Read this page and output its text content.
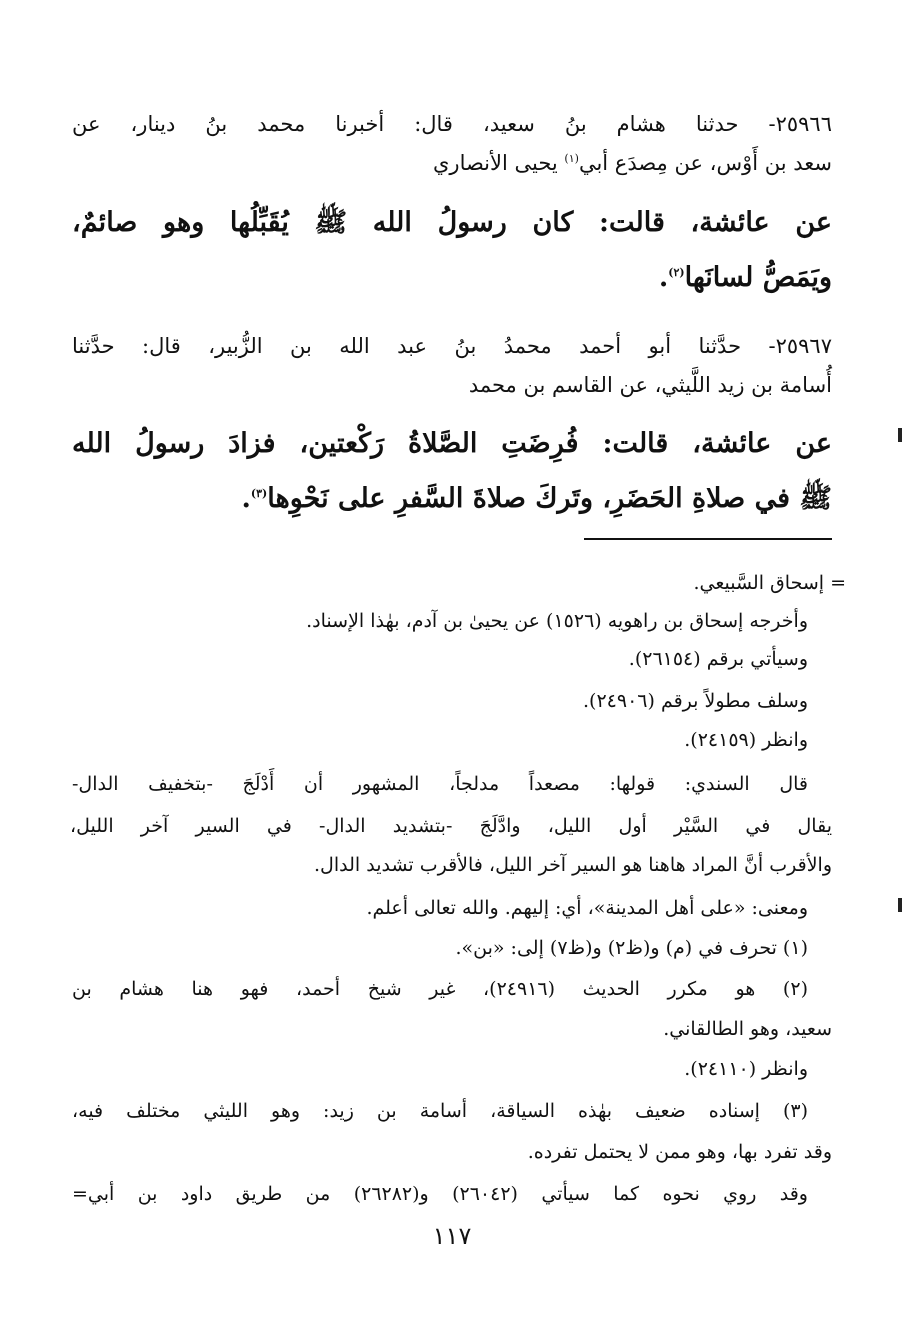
٢٥٩٦٦- حدثنا هشام بنُ سعيد، قال: أخبرنا محمد بنُ دينار، عن

سعد بن أَوْس، عن مِصدَع أبي$^{(١)}$ يحيى الأنصاري

عن عائشة، قالت: كان رسولُ الله ﷺ يُقَبِّلُها وهو صائمٌ،

ويَمَصُّ لسانَها$^{(٢)}$.

٢٥٩٦٧- حدَّثنا أبو أحمد محمدُ بنُ عبد الله بن الزُّبير، قال: حدَّثنا

أُسامة بن زيد اللَّيثي، عن القاسم بن محمد

عن عائشة، قالت: فُرِضَتِ الصَّلاةُ رَكْعتين، فزادَ رسولُ الله

ﷺ في صلاةِ الحَضَرِ، وتَركَ صلاةَ السَّفرِ على نَحْوِها$^{(٣)}$.

= إسحاق السَّبيعي.

وأخرجه إسحاق بن راهويه (١٥٢٦) عن يحيىٰ بن آدم، بهٰذا الإسناد.

وسيأتي برقم (٢٦١٥٤).

وسلف مطولاً برقم (٢٤٩٠٦).

وانظر (٢٤١٥٩).

قال السندي: قولها: مصعداً مدلجاً، المشهور أن أَدْلَجَ -بتخفيف الدال-

يقال في السَّيْر أول الليل، وادَّلَجَ -بتشديد الدال- في السير آخر الليل،

والأقرب أنَّ المراد هاهنا هو السير آخر الليل، فالأقرب تشديد الدال.

ومعنى: «على أهل المدينة»، أي: إليهم. والله تعالى أعلم.

(١) تحرف في (م) و(ظ٢) و(ظ٧) إلى: «بن».

(٢) هو مكرر الحديث (٢٤٩١٦)، غير شيخ أحمد، فهو هنا هشام بن

سعيد، وهو الطالقاني.

وانظر (٢٤١١٠).

(٣) إسناده ضعيف بهٰذه السياقة، أسامة بن زيد: وهو الليثي مختلف فيه،

وقد تفرد بها، وهو ممن لا يحتمل تفرده.

وقد روي نحوه كما سيأتي (٢٦٠٤٢) و(٢٦٢٨٢) من طريق داود بن أبي=

١١٧
